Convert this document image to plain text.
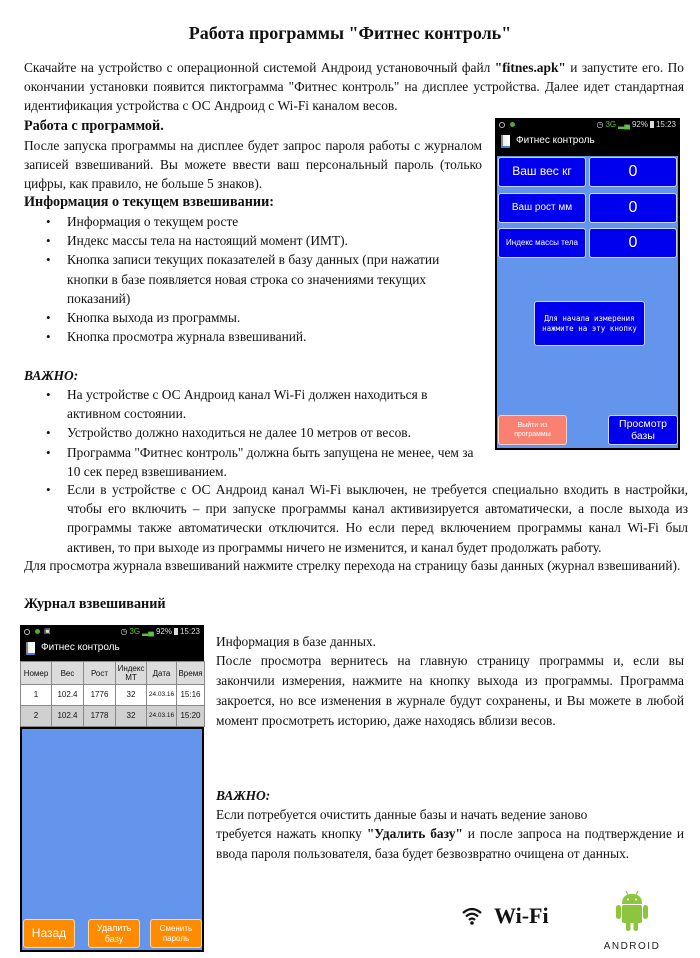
Работа программы "Фитнес контроль"
Скачайте на устройство с операционной системой Андроид установочный файл "fitnes.apk" и запустите его. По окончании установки появится пиктограмма "Фитнес контроль" на дисплее устройства. Далее идет стандартная идентификация устройства с ОС Андроид с Wi-Fi каналом весов.
Работа с программой.
После запуска программы на дисплее будет запрос пароля работы с журналом записей взвешиваний. Вы можете ввести ваш персональный пароль (только цифры, как правило, не больше 5 знаков).
Информация о текущем взвешивании:
• Информация о текущем росте
• Индекс массы тела на настоящий момент (ИМТ).
• Кнопка записи текущих показателей в базу данных (при нажатии кнопки в базе появляется новая строка со значениями текущих показаний)
• Кнопка выхода из программы.
• Кнопка просмотра журнала взвешиваний.
ВАЖНО:
• На устройстве с ОС Андроид канал Wi-Fi должен находиться в активном состоянии.
• Устройство должно находиться не далее 10 метров от весов.
• Программа "Фитнес контроль" должна быть запущена не менее, чем за 10 сек перед взвешиванием.
• Если в устройстве с ОС Андроид канал Wi-Fi выключен, не требуется специально входить в настройки, чтобы его включить – при запуске программы канал активизируется автоматически, а после выхода из программы также автоматически отключится. Но если перед включением программы канал Wi-Fi был активен, то при выходе из программы ничего не изменится, и канал будет продолжать работу.
Для просмотра журнала взвешиваний нажмите стрелку перехода на страницу базы данных (журнал взвешиваний).
◷ 3G ▂▄ 92% 15:23
Фитнес контроль
Ваш вес кг	0
Ваш рост мм	0
Индекс массы тела	0
Для начала измерения нажмите на эту кнопку
Выйти из программы
Просмотр базы
Журнал взвешиваний
▣	◷ 3G ▂▄ 92% 15:23
Фитнес контроль
Номер	Вес	Рост	Индекс МТ	Дата	Время
1	102.4	1776	32	24.03.16	15:16
2	102.4	1778	32	24.03.16	15:20
Назад	Удалить базу
Сменить пароль
Информация в базе данных.
После просмотра вернитесь на главную страницу программы и, если вы закончили измерения, нажмите на кнопку выхода из программы. Программа закроется, но все изменения в журнале будут сохранены, и Вы можете в любой момент просмотреть историю, даже находясь вблизи весов.
ВАЖНО:
Если потребуется очистить данные базы и начать ведение заново
требуется нажать кнопку "Удалить базу" и после запроса на подтверждение и ввода пароля пользователя, база будет безвозвратно очищена от данных.
Wi-Fi
ANDROID
